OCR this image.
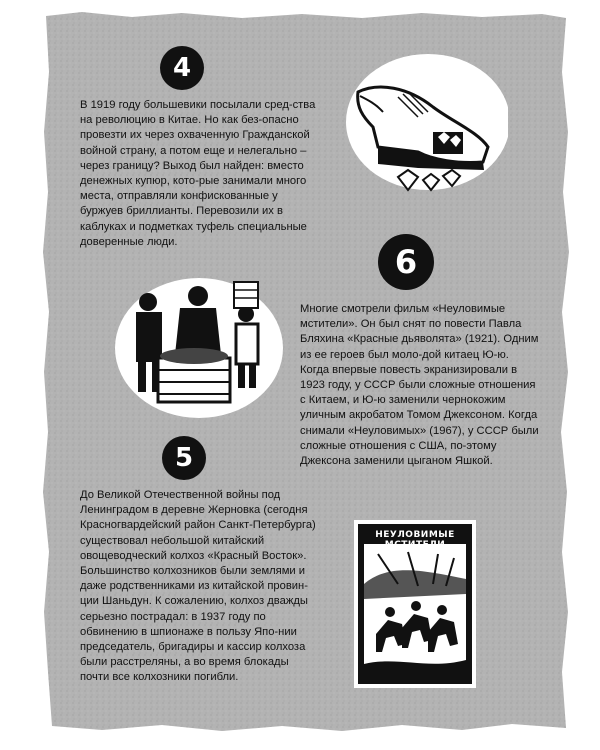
4

В 1919 году большевики посылали сред-ства на революцию в Китае. Но как без-опасно провезти их через охваченную Гражданской войной страну, а потом еще и нелегально – через границу? Выход был найден: вместо денежных купюр, кото-рые занимали много места, отправляли конфискованные у буржуев бриллианты. Перевозили их в каблуках и подметках туфель специальные доверенные люди.

6

Многие смотрели фильм «Неуловимые мстители». Он был снят по повести Павла Бляхина «Красные дьяволята» (1921). Одним из ее героев был моло-дой китаец Ю-ю. Когда впервые повесть экранизировали в 1923 году, у СССР были сложные отношения с Китаем, и Ю-ю заменили чернокожим уличным акробатом Томом Джексоном. Когда снимали «Неуловимых» (1967), у СССР были сложные отношения с США, по-этому Джексона заменили цыганом Яшкой.

5

До Великой Отечественной войны под Ленинградом в деревне Жерновка (сегодня Красногвардейский район Санкт-Петербурга) существовал небольшой китайский овощеводческий колхоз «Красный Восток». Большинство колхозников были землями и даже родственниками из китайской провин-ции Шаньдун. К сожалению, колхоз дважды серьезно пострадал: в 1937 году по обвинению в шпионаже в пользу Япо-нии председатель, бригадиры и кассир колхоза были расстреляны, а во время блокады почти все колхозники погибли.

НЕУЛОВИМЫЕ
